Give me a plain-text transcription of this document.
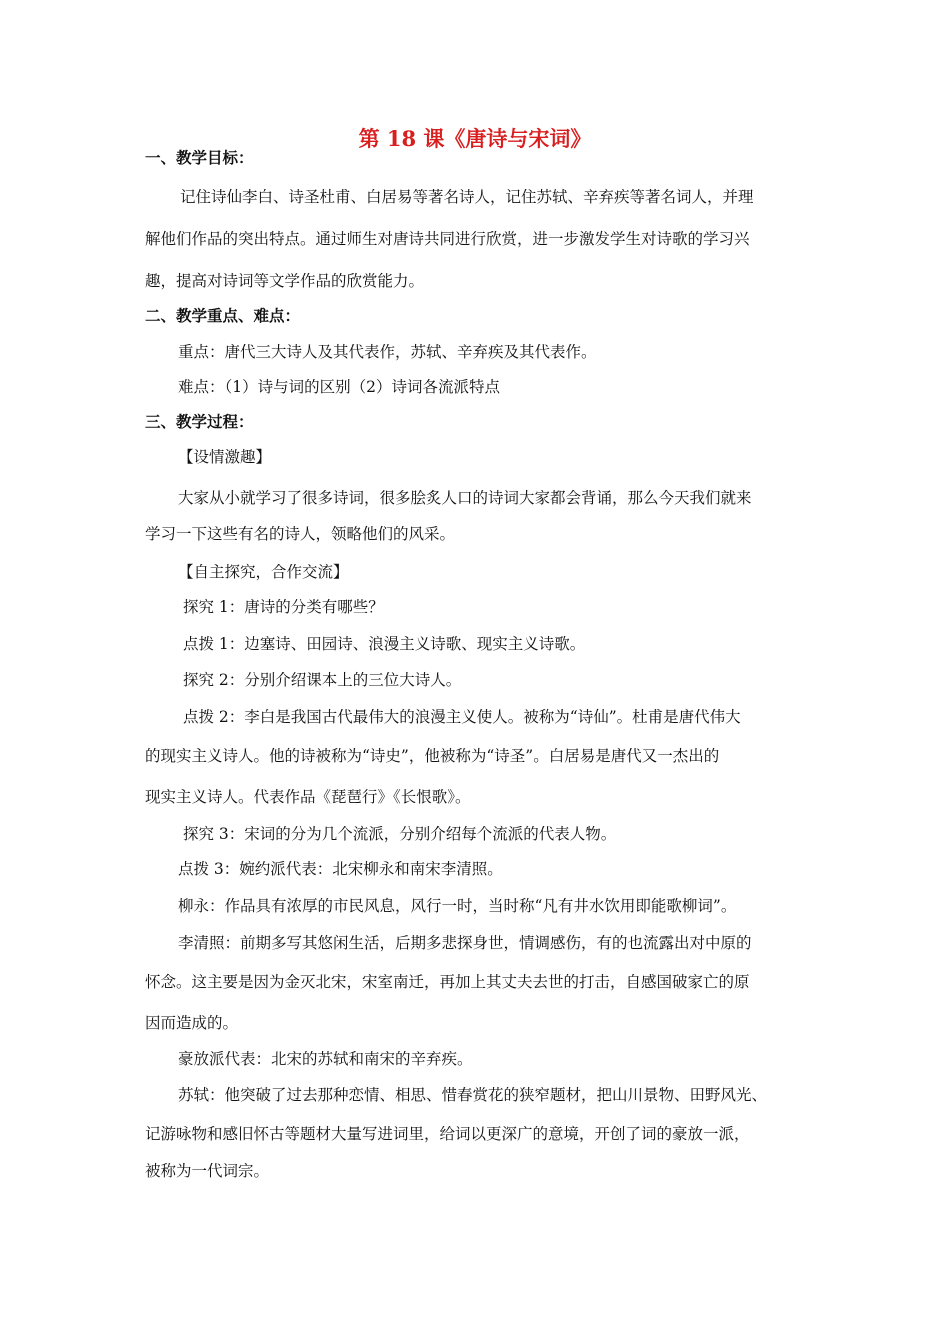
第 18 课《唐诗与宋词》
一、教学目标：
记住诗仙李白、诗圣杜甫、白居易等著名诗人，记住苏轼、辛弃疾等著名词人，并理
解他们作品的突出特点。通过师生对唐诗共同进行欣赏，进一步激发学生对诗歌的学习兴
趣，提高对诗词等文学作品的欣赏能力。
二、教学重点、难点：
重点：唐代三大诗人及其代表作，苏轼、辛弃疾及其代表作。
难点：（1）诗与词的区别（2）诗词各流派特点
三、教学过程：
【设情激趣】
大家从小就学习了很多诗词，很多脍炙人口的诗词大家都会背诵，那么今天我们就来
学习一下这些有名的诗人，领略他们的风采。
【自主探究，合作交流】
探究 1：唐诗的分类有哪些？
点拨 1：边塞诗、田园诗、浪漫主义诗歌、现实主义诗歌。
探究 2：分别介绍课本上的三位大诗人。
点拨 2：李白是我国古代最伟大的浪漫主义使人。被称为“诗仙”。杜甫是唐代伟大
的现实主义诗人。他的诗被称为“诗史”，他被称为“诗圣”。白居易是唐代又一杰出的
现实主义诗人。代表作品《琵琶行》《长恨歌》。
探究 3：宋词的分为几个流派，分别介绍每个流派的代表人物。
点拨 3：婉约派代表：北宋柳永和南宋李清照。
柳永：作品具有浓厚的市民风息，风行一时，当时称“凡有井水饮用即能歌柳词”。
李清照：前期多写其悠闲生活，后期多悲探身世，情调感伤，有的也流露出对中原的
怀念。这主要是因为金灭北宋，宋室南迁，再加上其丈夫去世的打击，自感国破家亡的原
因而造成的。
豪放派代表：北宋的苏轼和南宋的辛弃疾。
苏轼：他突破了过去那种恋情、相思、惜春赏花的狭窄题材，把山川景物、田野风光、
记游咏物和感旧怀古等题材大量写进词里，给词以更深广的意境，开创了词的豪放一派，
被称为一代词宗。
